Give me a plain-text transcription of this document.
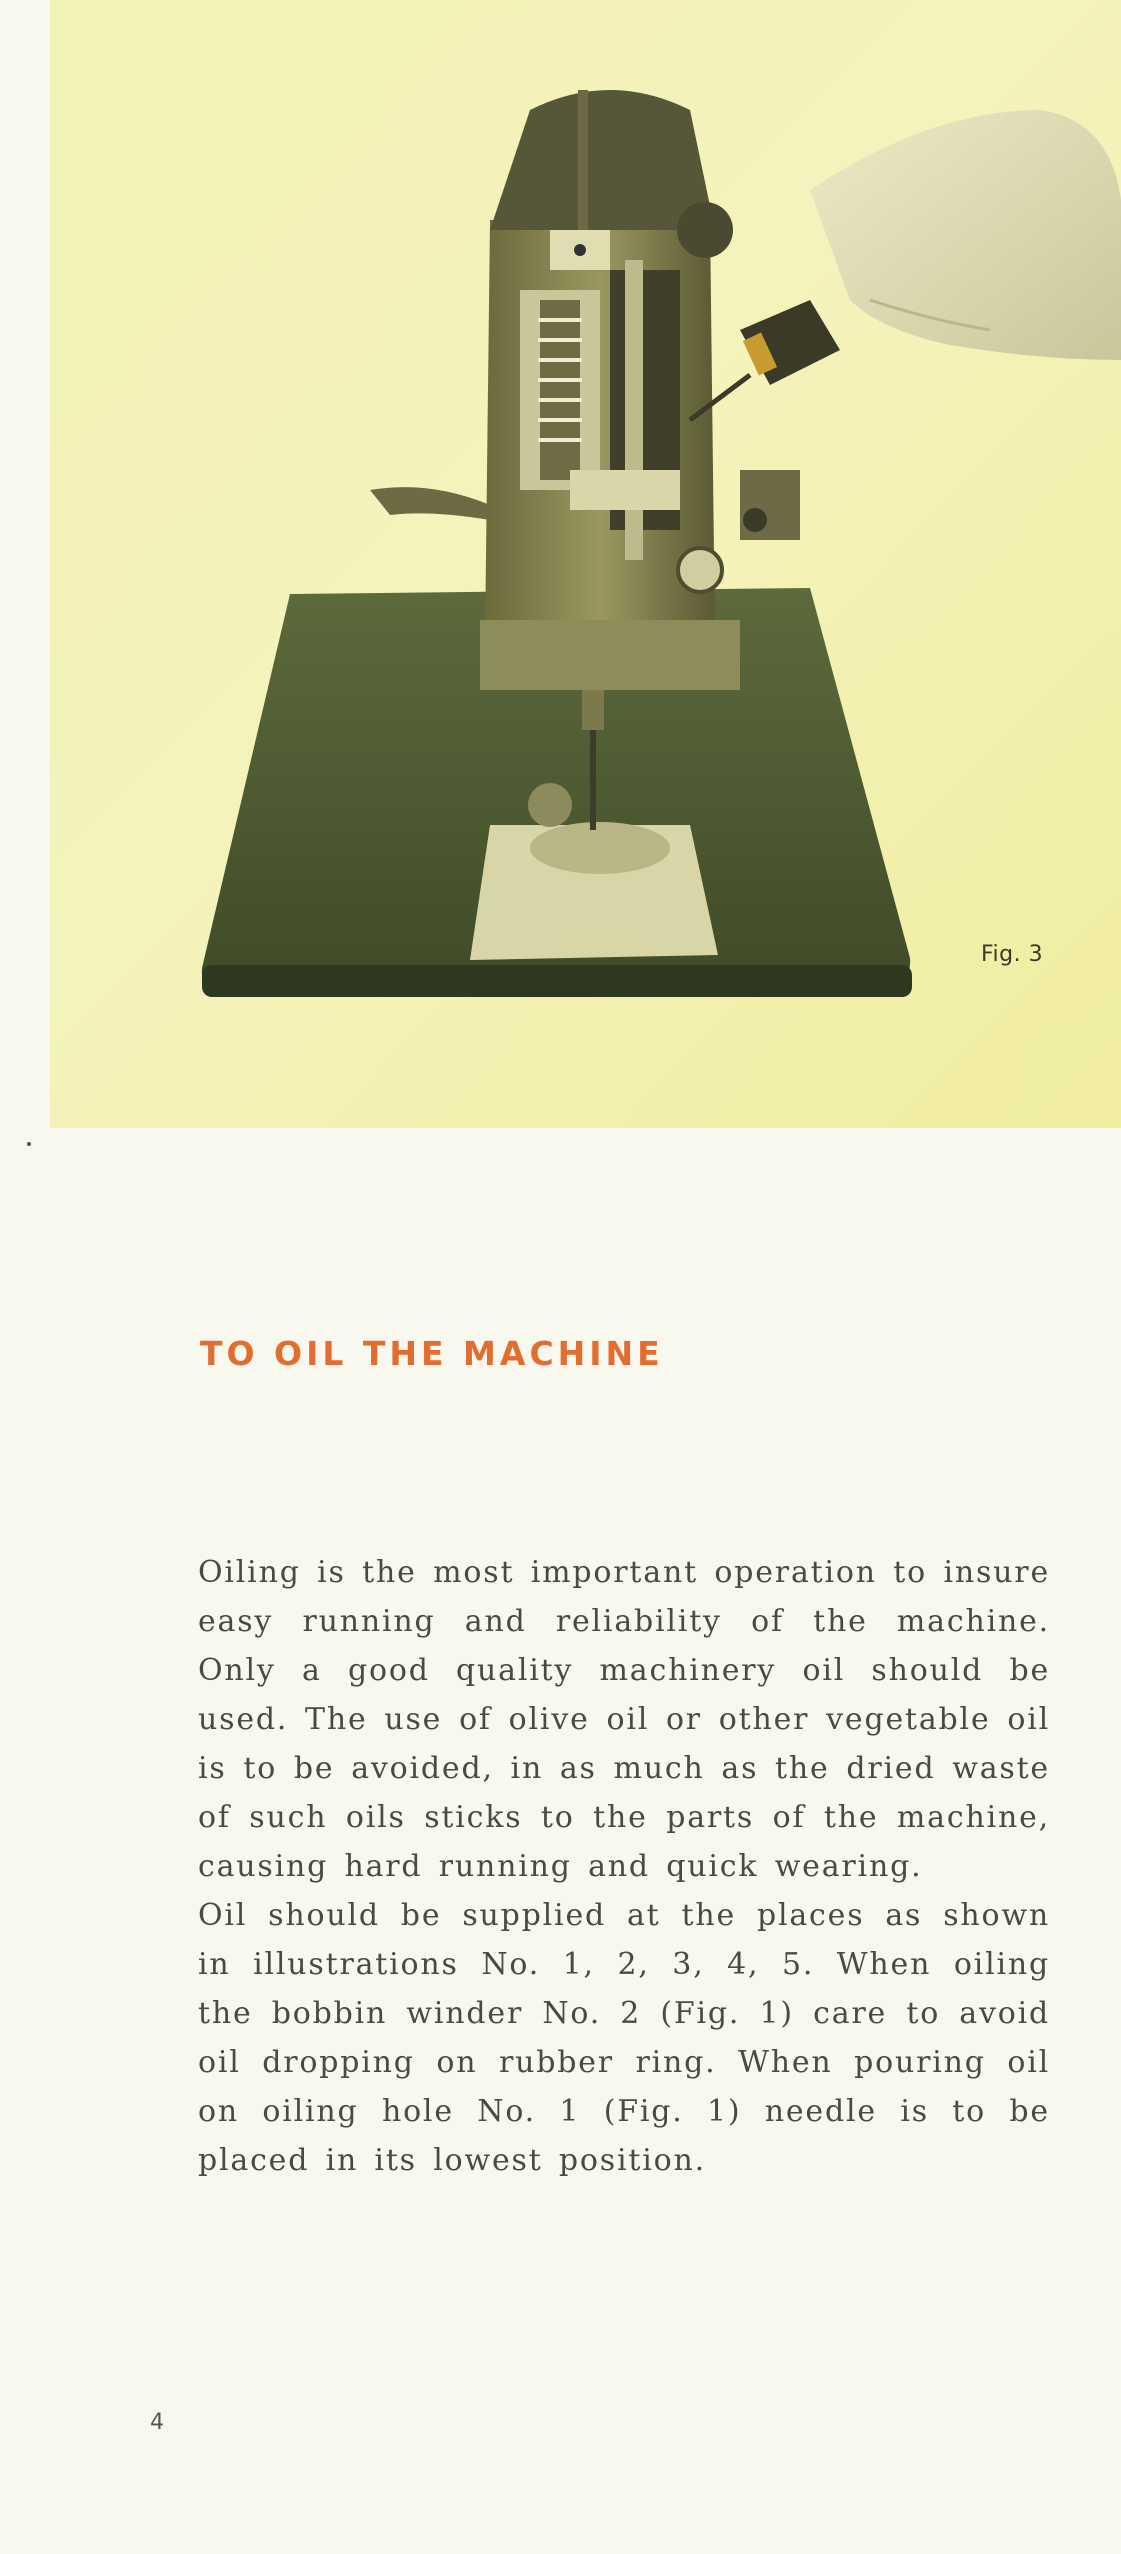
Fig. 3
TO OIL THE MACHINE

Oiling is the most important operation to insure easy running and reliability of the machine. Only a good quality machinery oil should be used. The use of olive oil or other vegetable oil is to be avoided, in as much as the dried waste of such oils sticks to the parts of the machine, causing hard running and quick wearing.

Oil should be supplied at the places as shown in illustrations No. 1, 2, 3, 4, 5. When oiling the bobbin winder No. 2 (Fig. 1) care to avoid oil dropping on rubber ring. When pouring oil on oiling hole No. 1 (Fig. 1) needle is to be placed in its lowest position.

4
